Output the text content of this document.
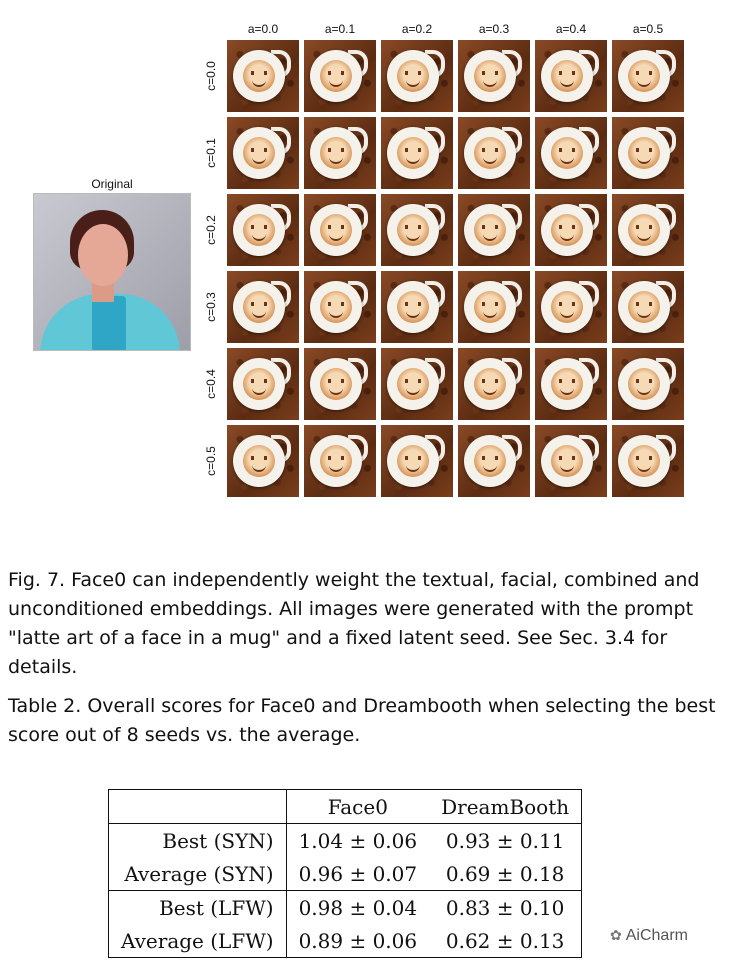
a=0.0	a=0.1	a=0.2	a=0.3	a=0.4	a=0.5
c=0.0
c=0.1
c=0.2
c=0.3
c=0.4
c=0.5
Original

Fig. 7. Face0 can independently weight the textual, facial, combined and unconditioned embeddings. All images were generated with the prompt "latte art of a face in a mug" and a fixed latent seed. See Sec. 3.4 for details.

Table 2. Overall scores for Face0 and Dreambooth when selecting the best score out of 8 seeds vs. the average.

	Face0	DreamBooth
Best (SYN)	1.04 ± 0.06	0.93 ± 0.11
Average (SYN)	0.96 ± 0.07	0.69 ± 0.18
Best (LFW)	0.98 ± 0.04	0.83 ± 0.10
Average (LFW)	0.89 ± 0.06	0.62 ± 0.13	✿ AiCharm
